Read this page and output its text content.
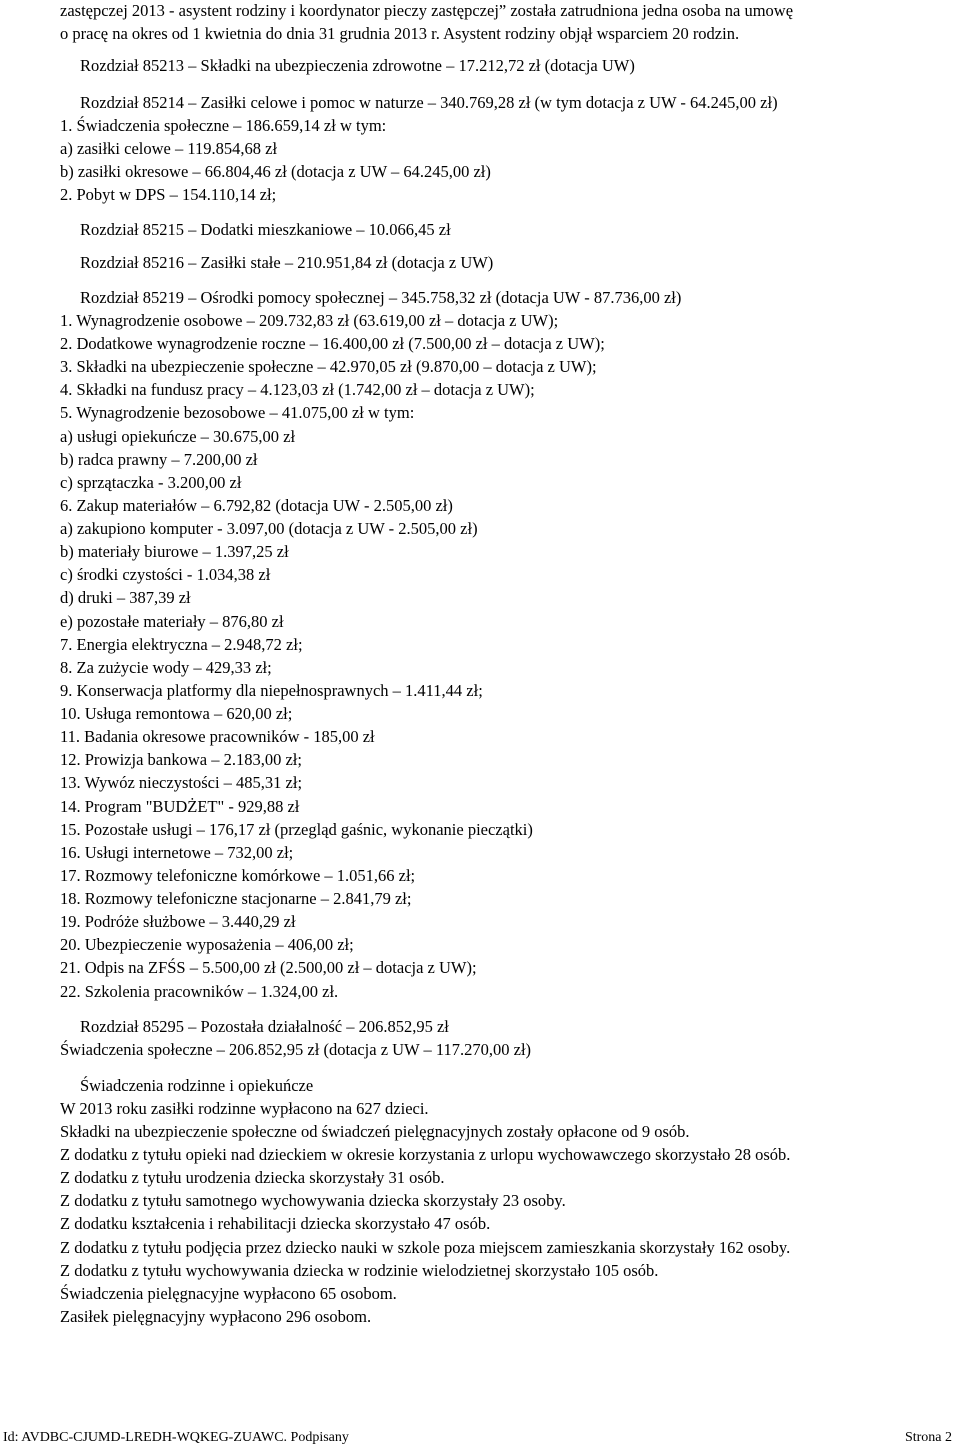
zastępczej 2013 - asystent rodziny i koordynator pieczy zastępczej” została zatrudniona jedna osoba na umowę
o pracę na okres od 1 kwietnia do dnia 31 grudnia 2013 r. Asystent rodziny objął wsparciem 20 rodzin.
Rozdział 85213 – Składki na ubezpieczenia zdrowotne – 17.212,72 zł (dotacja UW)
Rozdział 85214 – Zasiłki celowe i pomoc w naturze – 340.769,28 zł (w tym dotacja z UW - 64.245,00 zł)
1. Świadczenia społeczne – 186.659,14 zł w tym:
a) zasiłki celowe – 119.854,68 zł
b) zasiłki okresowe – 66.804,46 zł (dotacja z UW – 64.245,00 zł)
2. Pobyt w DPS – 154.110,14 zł;
Rozdział 85215 – Dodatki mieszkaniowe – 10.066,45 zł
Rozdział 85216 – Zasiłki stałe – 210.951,84 zł (dotacja z UW)
Rozdział 85219 – Ośrodki pomocy społecznej – 345.758,32 zł (dotacja UW - 87.736,00 zł)
1. Wynagrodzenie osobowe – 209.732,83 zł (63.619,00 zł – dotacja z UW);
2. Dodatkowe wynagrodzenie roczne – 16.400,00 zł (7.500,00 zł – dotacja z UW);
3. Składki na ubezpieczenie społeczne – 42.970,05 zł (9.870,00 – dotacja z UW);
4. Składki na fundusz pracy – 4.123,03 zł (1.742,00 zł – dotacja z UW);
5. Wynagrodzenie bezosobowe – 41.075,00 zł w tym:
a) usługi opiekuńcze – 30.675,00 zł
b) radca prawny – 7.200,00 zł
c) sprzątaczka - 3.200,00 zł
6. Zakup materiałów – 6.792,82 (dotacja UW - 2.505,00 zł)
a) zakupiono komputer - 3.097,00 (dotacja z UW - 2.505,00 zł)
b) materiały biurowe – 1.397,25 zł
c) środki czystości - 1.034,38 zł
d) druki – 387,39 zł
e) pozostałe materiały – 876,80 zł
7. Energia elektryczna – 2.948,72 zł;
8. Za zużycie wody – 429,33 zł;
9. Konserwacja platformy dla niepełnosprawnych – 1.411,44 zł;
10. Usługa remontowa – 620,00 zł;
11. Badania okresowe pracowników - 185,00 zł
12. Prowizja bankowa – 2.183,00 zł;
13. Wywóz nieczystości – 485,31 zł;
14. Program "BUDŻET" - 929,88 zł
15. Pozostałe usługi – 176,17 zł (przegląd gaśnic, wykonanie pieczątki)
16. Usługi internetowe – 732,00 zł;
17. Rozmowy telefoniczne komórkowe – 1.051,66 zł;
18. Rozmowy telefoniczne stacjonarne – 2.841,79 zł;
19. Podróże służbowe – 3.440,29 zł
20. Ubezpieczenie wyposażenia – 406,00 zł;
21. Odpis na ZFŚS – 5.500,00 zł (2.500,00 zł – dotacja z UW);
22. Szkolenia pracowników – 1.324,00 zł.
Rozdział 85295 – Pozostała działalność – 206.852,95 zł
Świadczenia społeczne – 206.852,95 zł (dotacja z UW – 117.270,00 zł)
Świadczenia rodzinne i opiekuńcze
W 2013 roku zasiłki rodzinne wypłacono na 627 dzieci.
Składki na ubezpieczenie społeczne od świadczeń pielęgnacyjnych zostały opłacone od 9 osób.
Z dodatku z tytułu opieki nad dzieckiem w okresie korzystania z urlopu wychowawczego skorzystało 28 osób.
Z dodatku z tytułu urodzenia dziecka skorzystały 31 osób.
Z dodatku z tytułu samotnego wychowywania dziecka skorzystały 23 osoby.
Z dodatku kształcenia i rehabilitacji dziecka skorzystało 47 osób.
Z dodatku z tytułu podjęcia przez dziecko nauki w szkole poza miejscem zamieszkania skorzystały 162 osoby.
Z dodatku z tytułu wychowywania dziecka w rodzinie wielodzietnej skorzystało 105 osób.
Świadczenia pielęgnacyjne wypłacono 65 osobom.
Zasiłek pielęgnacyjny wypłacono 296 osobom.
Id: AVDBC-CJUMD-LREDH-WQKEG-ZUAWC. Podpisany	Strona 2
